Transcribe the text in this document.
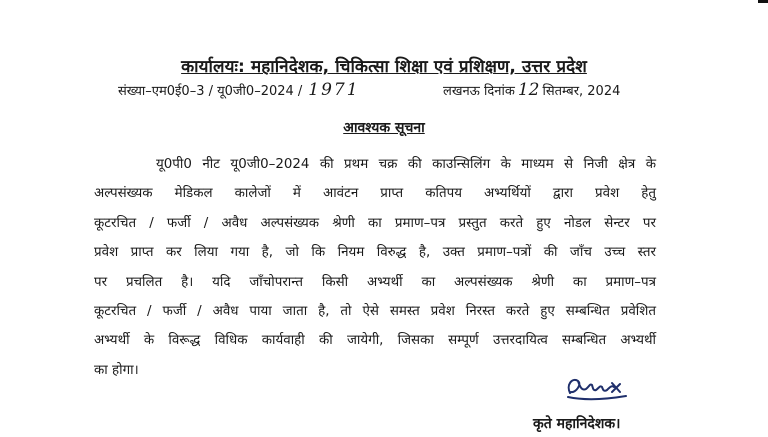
कार्यालयः: महानिदेशक, चिकित्सा शिक्षा एवं प्रशिक्षण, उत्तर प्रदेश
संख्या–एम0ई0–3 / यू0जी0–2024 / 1971	लखनऊ दिनांक 12 सितम्बर, 2024
आवश्यक सूचना
यू0पी0 नीट यू0जी0–2024 की प्रथम चक्र की काउन्सिलिंग के माध्यम से निजी क्षेत्र के
अल्पसंख्यक मेडिकल कालेजों में आवंटन प्राप्त कतिपय अभ्यर्थियों द्वारा प्रवेश हेतु
कूटरचित / फर्जी / अवैध अल्पसंख्यक श्रेणी का प्रमाण–पत्र प्रस्तुत करते हुए नोडल सेन्टर पर
प्रवेश प्राप्त कर लिया गया है, जो कि नियम विरुद्ध है, उक्त प्रमाण–पत्रों की जाँच उच्च स्तर
पर प्रचलित है। यदि जाँचोपरान्त किसी अभ्यर्थी का अल्पसंख्यक श्रेणी का प्रमाण–पत्र
कूटरचित / फर्जी / अवैध पाया जाता है, तो ऐसे समस्त प्रवेश निरस्त करते हुए सम्बन्धित प्रवेशित
अभ्यर्थी के विरूद्ध विधिक कार्यवाही की जायेगी, जिसका सम्पूर्ण उत्तरदायित्व सम्बन्धित अभ्यर्थी
का होगा।
कृते महानिदेशक।
